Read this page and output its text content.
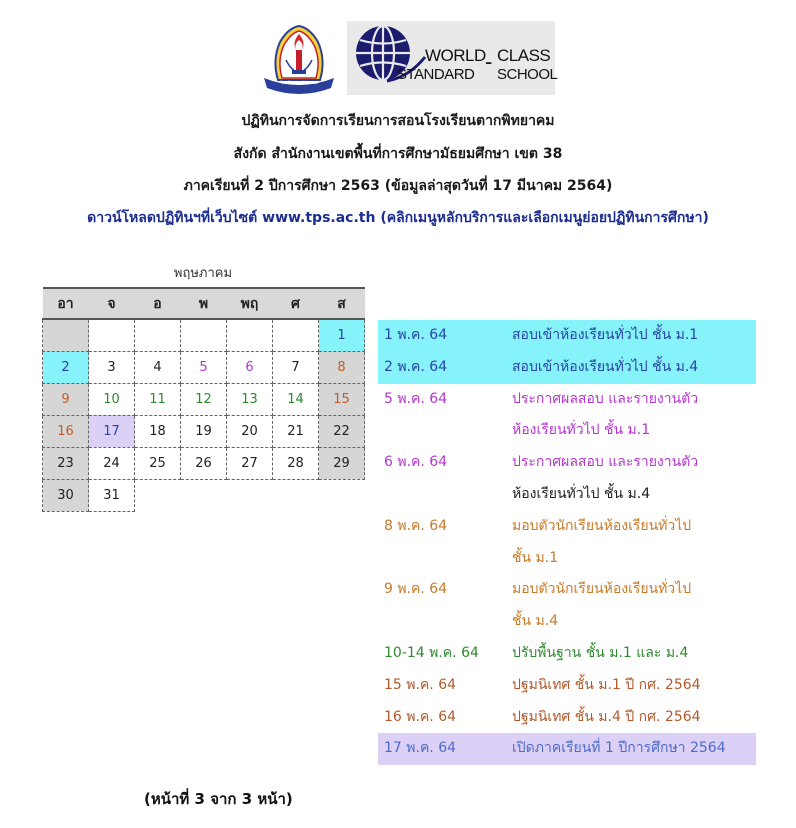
โรงเรียนตากพิทยาคม
WORLD - CLASS
STANDARD SCHOOL
ปฏิทินการจัดการเรียนการสอนโรงเรียนตากพิทยาคม
สังกัด สำนักงานเขตพื้นที่การศึกษามัธยมศึกษา เขต 38
ภาคเรียนที่ 2 ปีการศึกษา 2563 (ข้อมูลล่าสุดวันที่ 17 มีนาคม 2564)
ดาวน์โหลดปฏิทินฯที่เว็บไซต์ www.tps.ac.th (คลิกเมนูหลักบริการและเลือกเมนูย่อยปฏิทินการศึกษา)
พฤษภาคม
อา	จ	อ	พ	พฤ	ศ	ส
						1
2	3	4	5	6	7	8
9	10	11	12	13	14	15
16	17	18	19	20	21	22
23	24	25	26	27	28	29
30	31					
1 พ.ค. 64	สอบเข้าห้องเรียนทั่วไป ชั้น ม.1
2 พ.ค. 64	สอบเข้าห้องเรียนทั่วไป ชั้น ม.4
5 พ.ค. 64	ประกาศผลสอบ และรายงานตัว
ห้องเรียนทั่วไป ชั้น ม.1
6 พ.ค. 64	ประกาศผลสอบ และรายงานตัว
ห้องเรียนทั่วไป ชั้น ม.4
8 พ.ค. 64	มอบตัวนักเรียนห้องเรียนทั่วไป
ชั้น ม.1
9 พ.ค. 64	มอบตัวนักเรียนห้องเรียนทั่วไป
ชั้น ม.4
10-14 พ.ค. 64	ปรับพื้นฐาน ชั้น ม.1 และ ม.4
15 พ.ค. 64	ปฐมนิเทศ ชั้น ม.1 ปี กศ. 2564
16 พ.ค. 64	ปฐมนิเทศ ชั้น ม.4 ปี กศ. 2564
17 พ.ค. 64	เปิดภาคเรียนที่ 1 ปีการศึกษา 2564
(หน้าที่ 3 จาก 3 หน้า)
